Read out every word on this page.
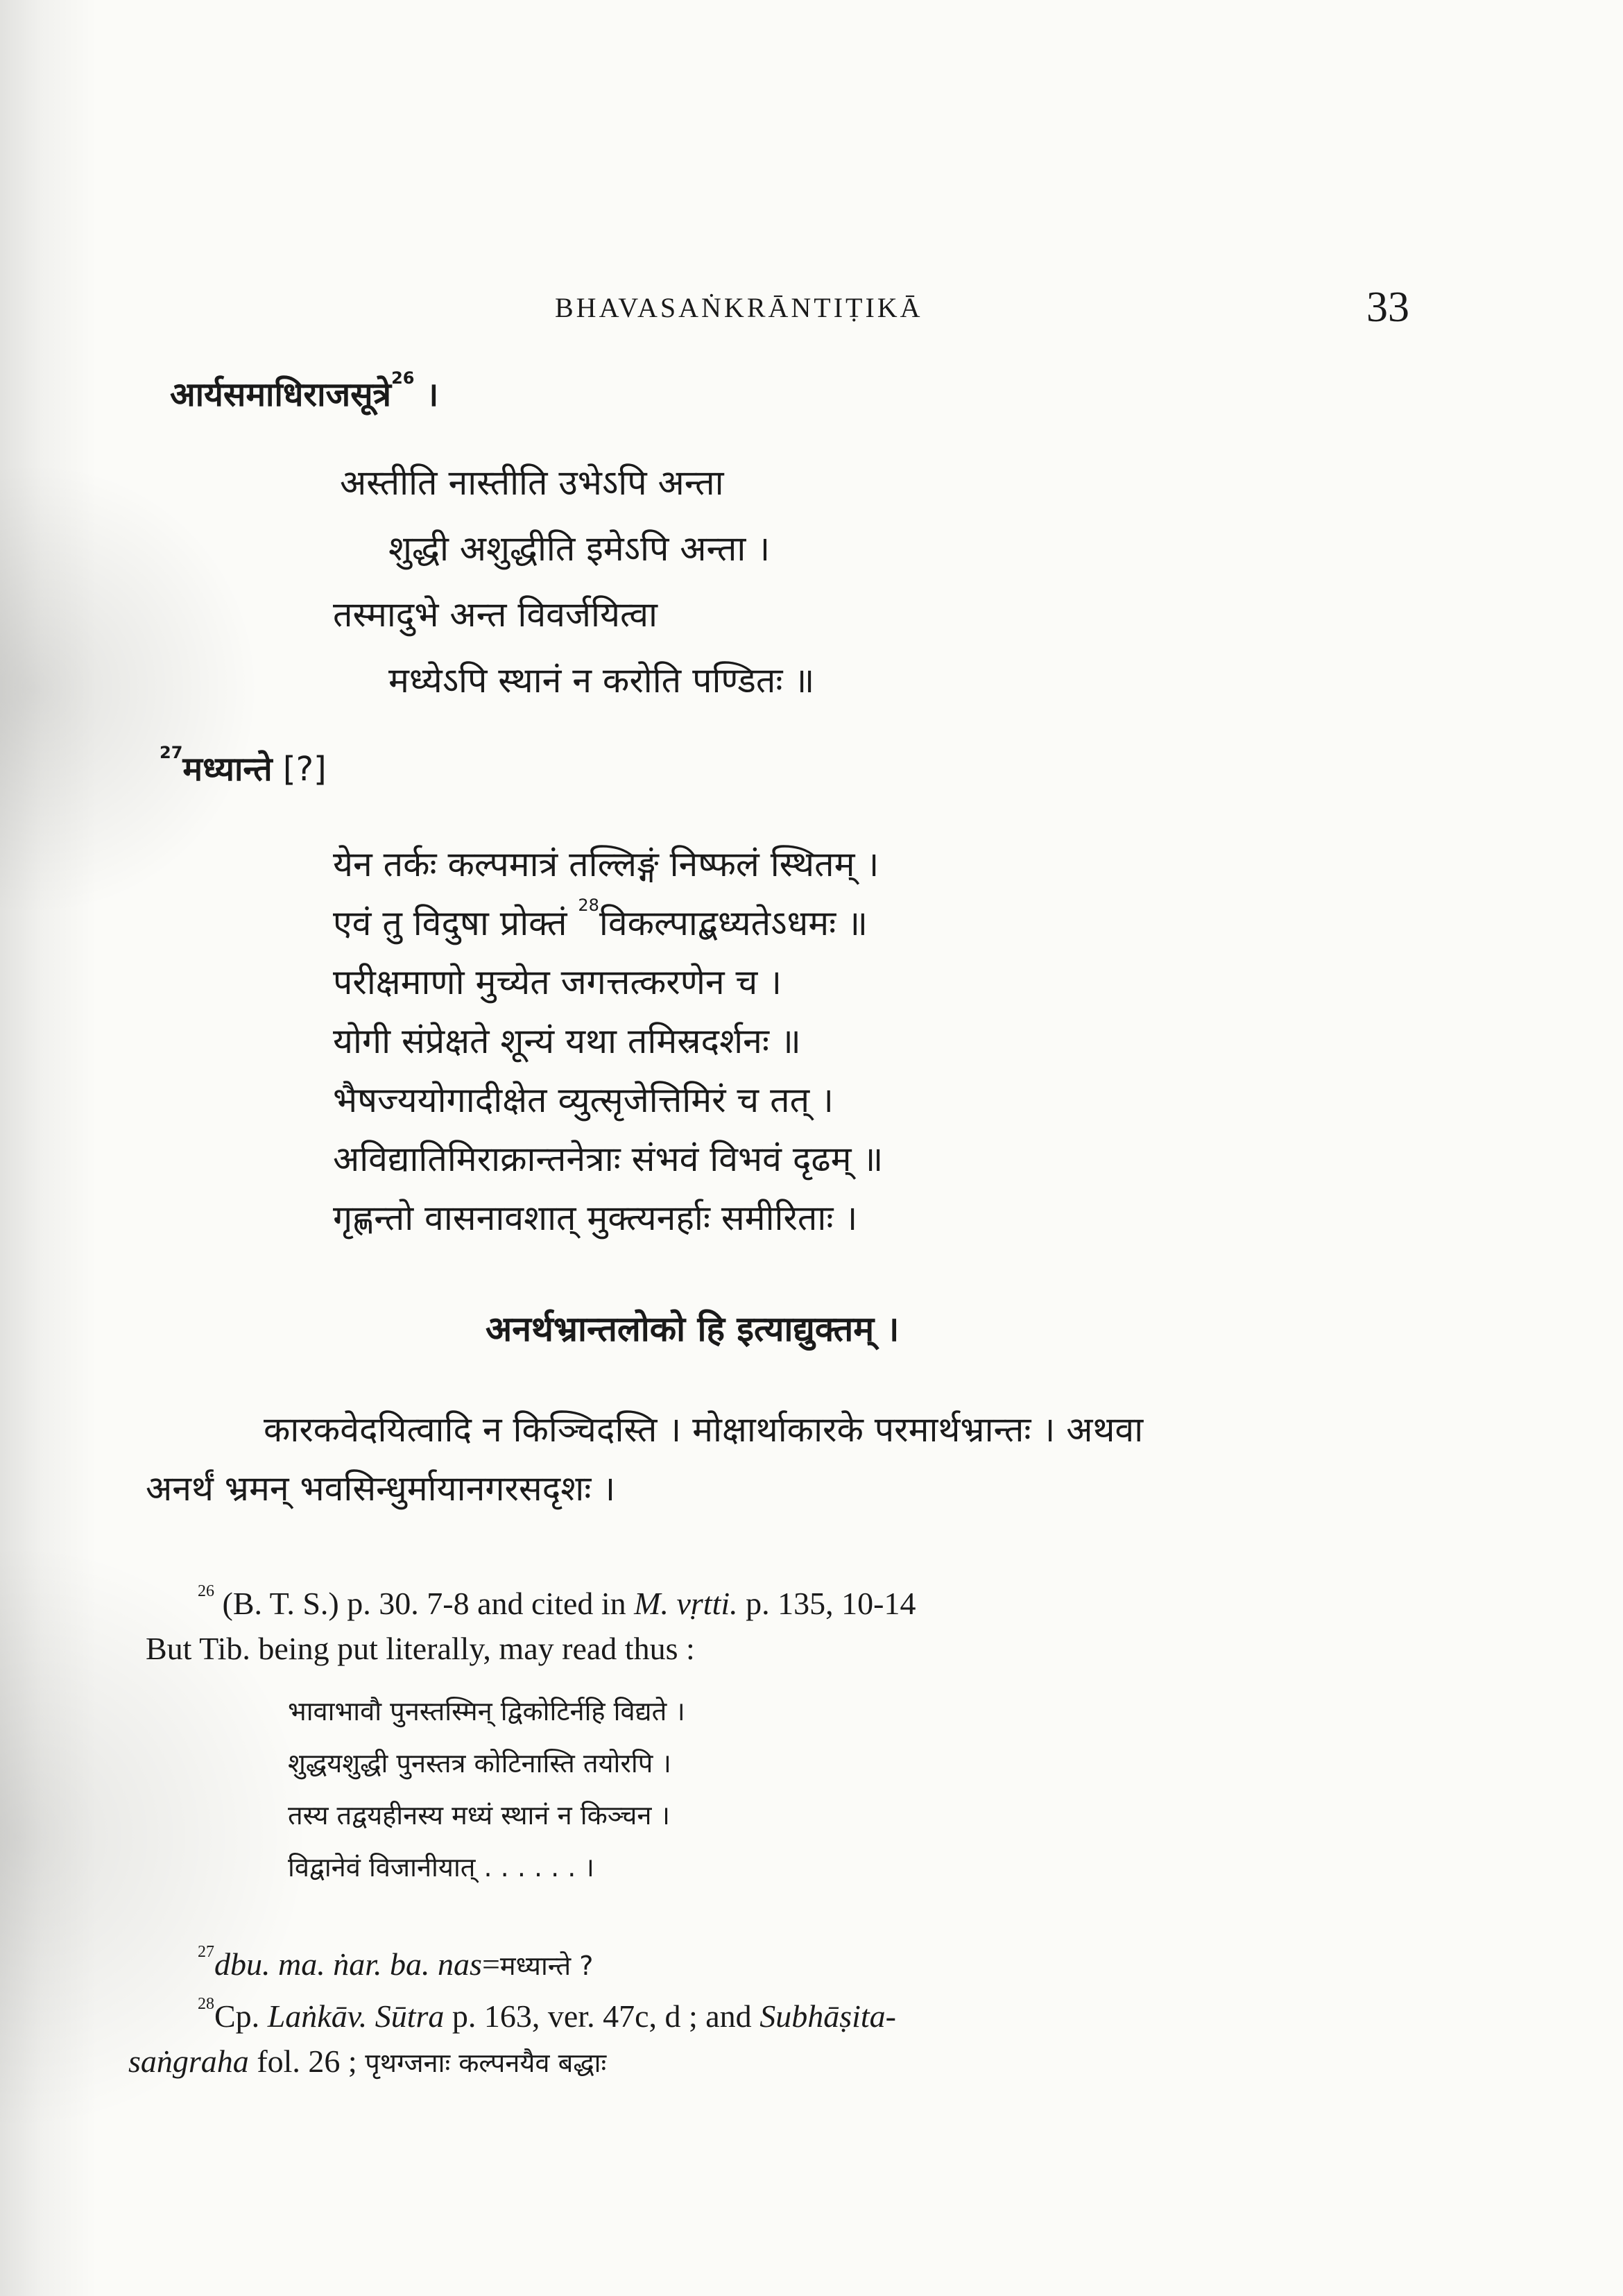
BHAVASAṄKRĀNTIṬIKĀ	33
आर्यसमाधिराजसूत्रे$^{26}$ ।
अस्तीति नास्तीति उभेऽपि अन्ता
शुद्धी अशुद्धीति इमेऽपि अन्ता ।
तस्मादुभे अन्त विवर्जयित्वा
मध्येऽपि स्थानं न करोति पण्डितः ॥
$^{27}$मध्यान्ते [?]
येन तर्कः कल्पमात्रं तल्लिङ्गं निष्फलं स्थितम् ।
एवं तु विदुषा प्रोक्तं $^{28}$विकल्पाद्बध्यतेऽधमः ॥
परीक्षमाणो मुच्येत जगत्तत्करणेन च ।
योगी संप्रेक्षते शून्यं यथा तमिस्रदर्शनः ॥
भैषज्ययोगादीक्षेत व्युत्सृजेत्तिमिरं च तत् ।
अविद्यातिमिराक्रान्तनेत्राः संभवं विभवं दृढम् ॥
गृह्णन्तो वासनावशात् मुक्त्यनर्हाः समीरिताः ।
अनर्थभ्रान्तलोको हि इत्याद्युक्तम् ।
कारकवेदयित्वादि न किञ्चिदस्ति । मोक्षार्थाकारके परमार्थभ्रान्तः । अथवा
अनर्थं भ्रमन् भवसिन्धुर्मायानगरसदृशः ।
$^{26}$ (B. T. S.) p. 30. 7-8 and cited in M. vṛtti. p. 135, 10-14
But Tib. being put literally, may read thus :
भावाभावौ पुनस्तस्मिन् द्विकोटिर्नहि विद्यते ।
शुद्धयशुद्धी पुनस्तत्र कोटिनास्ति तयोरपि ।
तस्य तद्वयहीनस्य मध्यं स्थानं न किञ्चन ।
विद्वानेवं विजानीयात् . . . . . . ।
$^{27}$dbu. ma. ṅar. ba. nas=मध्यान्ते ?
$^{28}$Cp. Laṅkāv. Sūtra p. 163, ver. 47c, d ; and Subhāṣita-
saṅgraha fol. 26 ; पृथग्जनाः कल्पनयैव बद्धाः
